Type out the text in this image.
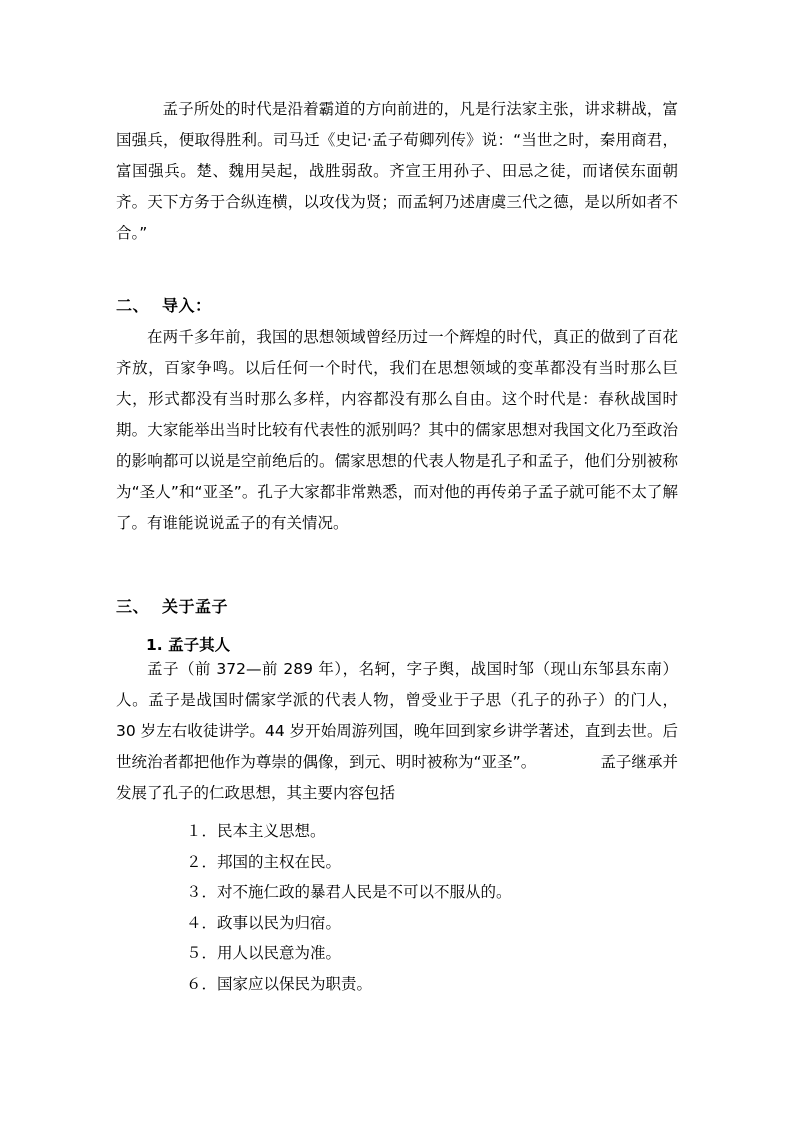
孟子所处的时代是沿着霸道的方向前进的，凡是行法家主张，讲求耕战，富国强兵，便取得胜利。司马迁《史记·孟子荀卿列传》说：“当世之时，秦用商君，富国强兵。楚、魏用吴起，战胜弱敌。齐宣王用孙子、田忌之徒，而诸侯东面朝齐。天下方务于合纵连横，以攻伐为贤；而孟轲乃述唐虞三代之德，是以所如者不合。”

二、 导入：

在两千多年前，我国的思想领域曾经历过一个辉煌的时代，真正的做到了百花齐放，百家争鸣。以后任何一个时代，我们在思想领域的变革都没有当时那么巨大，形式都没有当时那么多样，内容都没有那么自由。这个时代是：春秋战国时期。大家能举出当时比较有代表性的派别吗？其中的儒家思想对我国文化乃至政治的影响都可以说是空前绝后的。儒家思想的代表人物是孔子和孟子，他们分别被称为“圣人”和“亚圣”。孔子大家都非常熟悉，而对他的再传弟子孟子就可能不太了解了。有谁能说说孟子的有关情况。

三、 关于孟子
1. 孟子其人

孟子（前 372—前 289 年），名轲，字子舆，战国时邹（现山东邹县东南）人。孟子是战国时儒家学派的代表人物，曾受业于子思（孔子的孙子）的门人，30 岁左右收徒讲学。44 岁开始周游列国，晚年回到家乡讲学著述，直到去世。后世统治者都把他作为尊崇的偶像，到元、明时被称为“亚圣”。	孟子继承并发展了孔子的仁政思想，其主要内容包括

１．民本主义思想。
２．邦国的主权在民。
３．对不施仁政的暴君人民是不可以不服从的。
４．政事以民为归宿。
５．用人以民意为准。
６．国家应以保民为职责。
